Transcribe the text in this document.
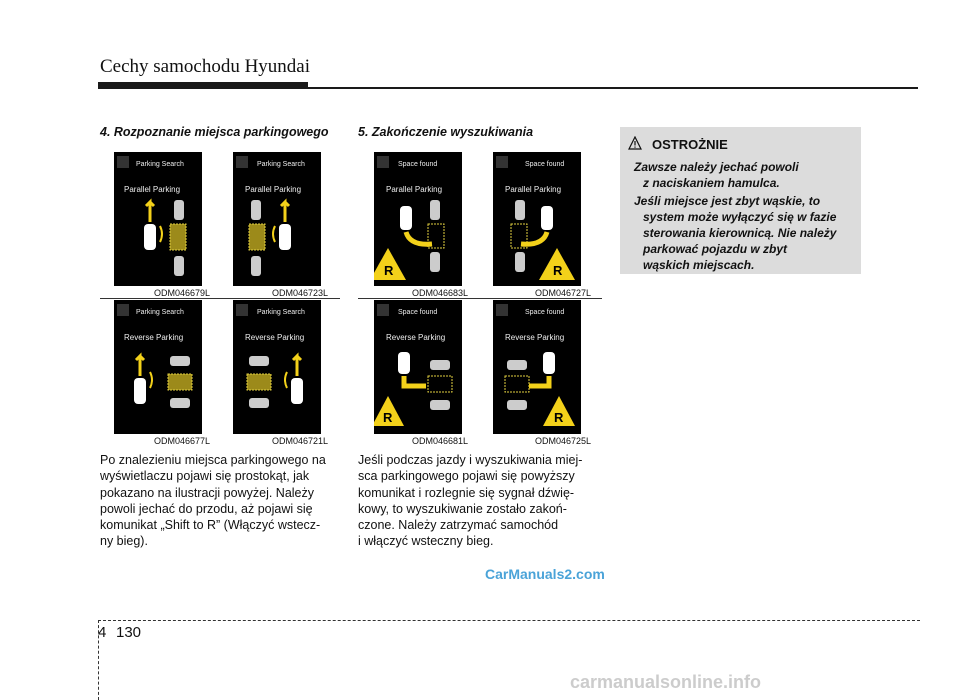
Cechy samochodu Hyundai
4. Rozpoznanie miejsca parkingowego
Parking Search
Parallel Parking
Parking Search
Parallel Parking
Parking Search
Reverse Parking
Parking Search
Reverse Parking
ODM046679L	ODM046723L
ODM046677L	ODM046721L
Po znalezieniu miejsca parkingowego na
wyświetlaczu pojawi się prostokąt, jak
pokazano na ilustracji powyżej. Należy
powoli jechać do przodu, aż pojawi się
komunikat „Shift to R” (Włączyć wstecz-
ny bieg).
5. Zakończenie wyszukiwania
Space found
Parallel Parking
R
Space found
Parallel Parking
R
Space found
Reverse Parking
R
Space found
Reverse Parking
R
ODM046683L	ODM046727L
ODM046681L	ODM046725L
Jeśli podczas jazdy i wyszukiwania miej-
sca parkingowego pojawi się powyższy
komunikat i rozlegnie się sygnał dźwię-
kowy, to wyszukiwanie zostało zakoń-
czone. Należy zatrzymać samochód
i włączyć wsteczny bieg.
OSTROŻNIE
Zawsze należy jechać powoli
z naciskaniem hamulca.
Jeśli miejsce jest zbyt wąskie, to
system może wyłączyć się w fazie
sterowania kierownicą. Nie należy
parkować pojazdu w zbyt
wąskich miejscach.
CarManuals2.com
4 130
carmanualsonline.info
